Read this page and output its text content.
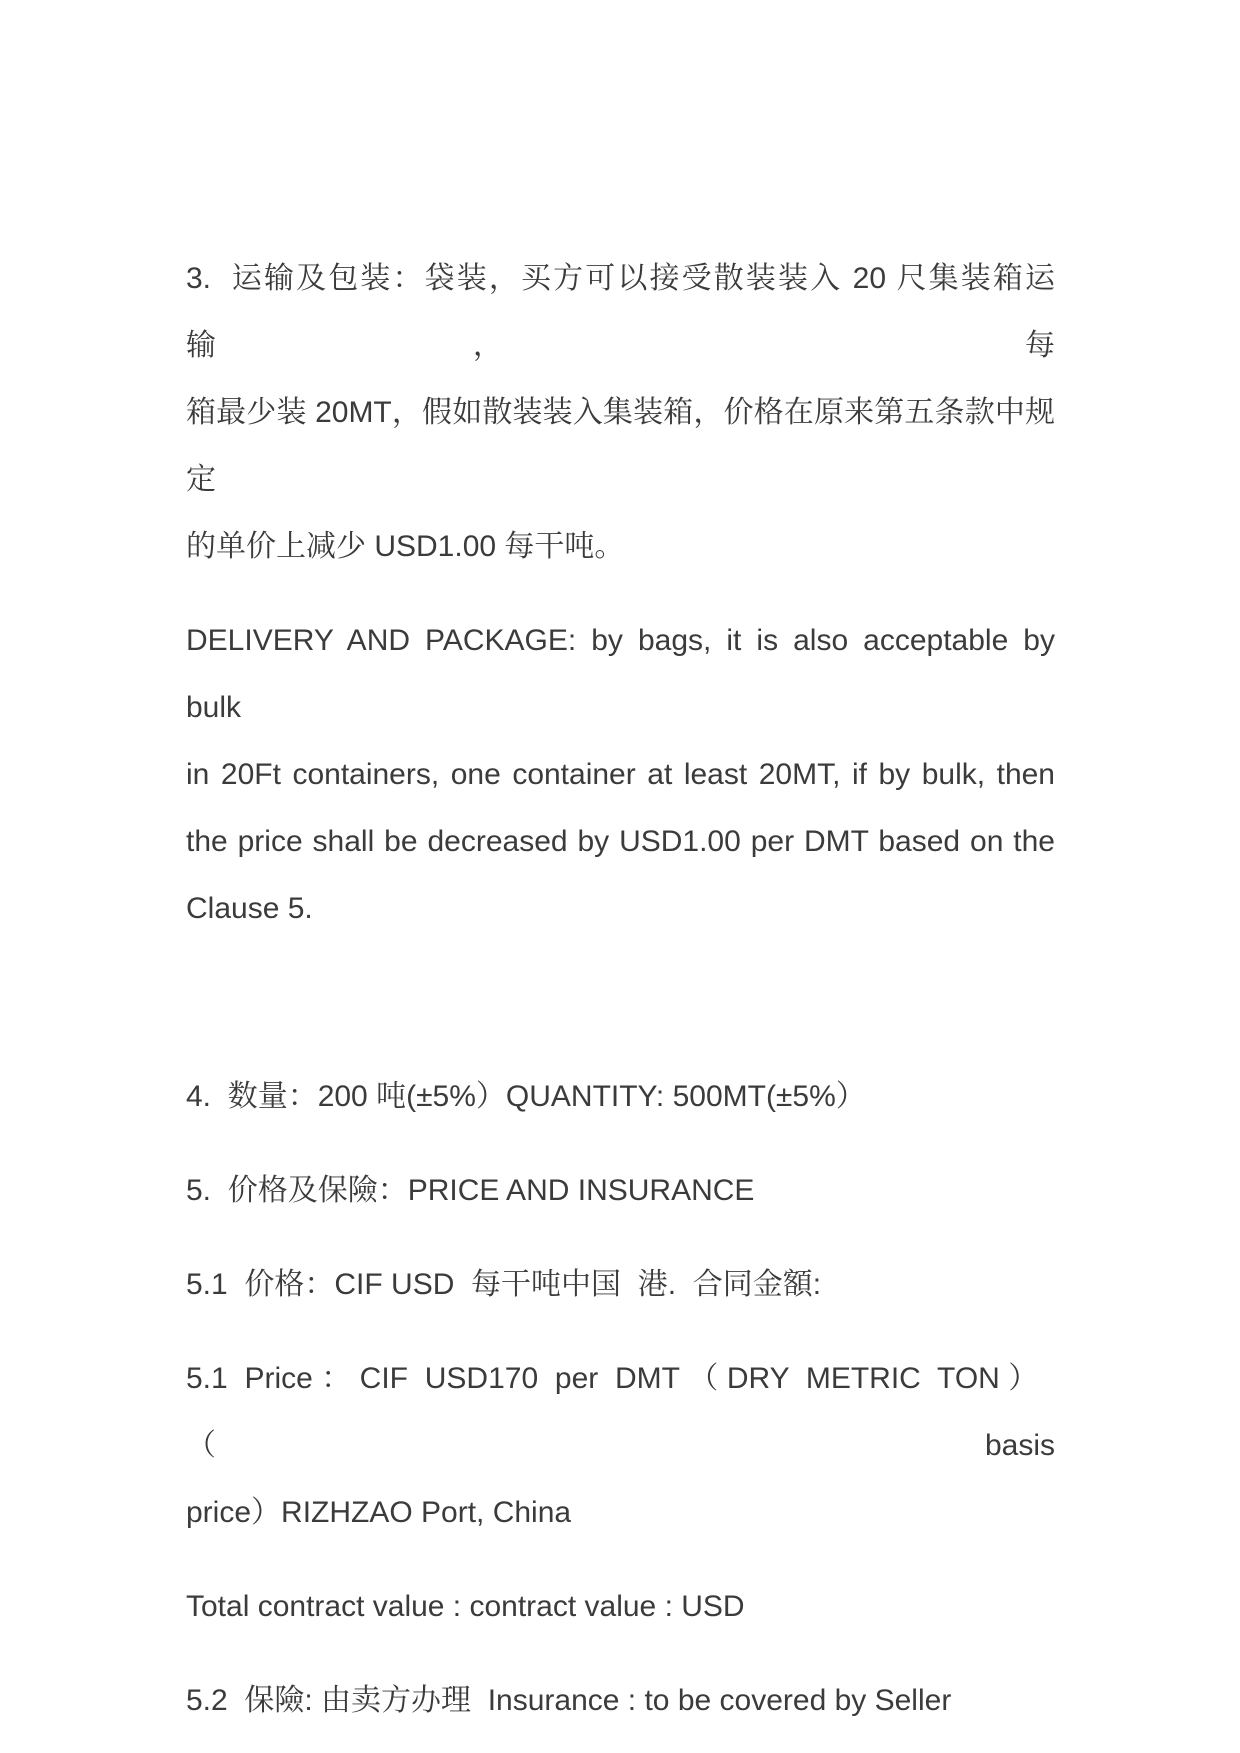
3.  运输及包装：袋装，买方可以接受散装装入 20 尺集装箱运输， 每
箱最少装 20MT，假如散装装入集装箱，价格在原来第五条款中规定
的单价上减少 USD1.00 每干吨。
DELIVERY AND PACKAGE: by bags, it is also acceptable by bulk
in 20Ft containers, one container at least 20MT, if by bulk, then
the price shall be decreased by USD1.00 per DMT based on the
Clause 5.
4.  数量：200 吨(±5%）QUANTITY: 500MT(±5%）
5.  价格及保險：PRICE AND INSURANCE
5.1  价格：CIF USD  每干吨中国  港.  合同金額:
5.1 Price：CIF USD170 per DMT（DRY METRIC TON）  （basis
price）RIZHZAO Port, China
Total contract value : contract value : USD
5.2  保險: 由卖方办理  Insurance : to be covered by Seller
